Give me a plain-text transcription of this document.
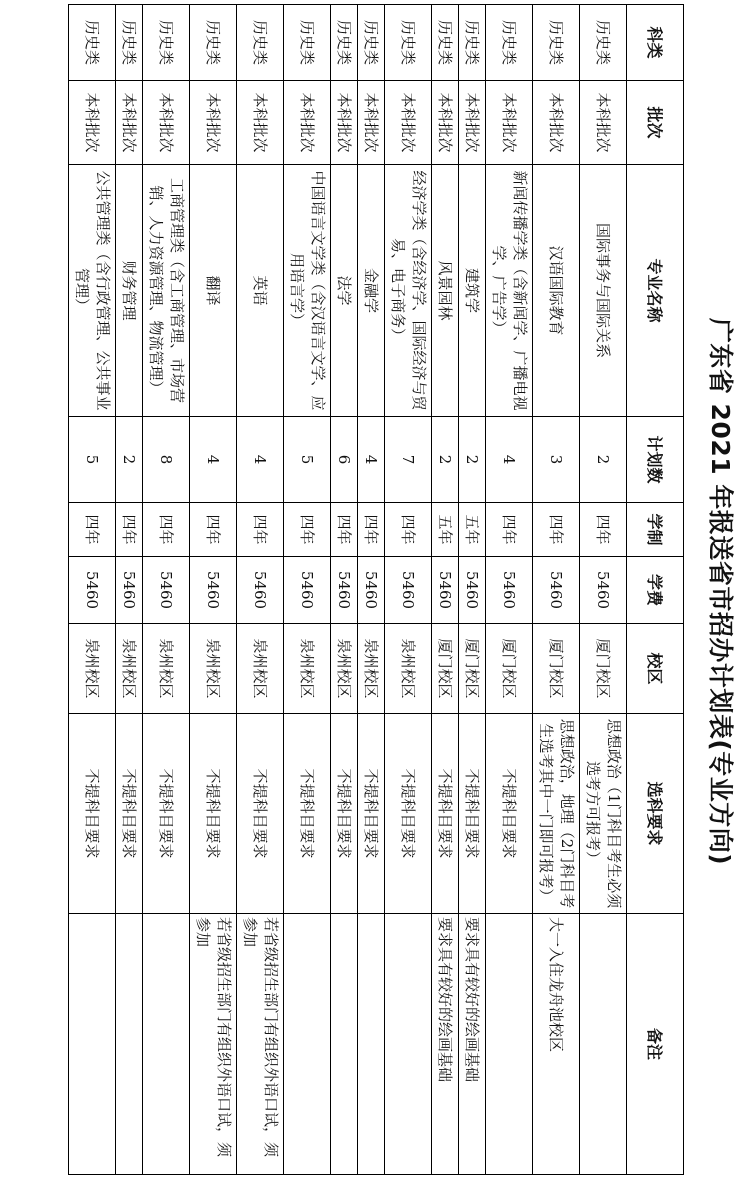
广东省 2021 年报送省市招办计划表(专业方向)
科类	批次	专业名称	计划数	学制	学费	校区	选科要求	备注
历史类	本科批次	国际事务与国际关系	2	四年	5460	厦门校区	思想政治（1门科目考生必须选考方可报考）	
历史类	本科批次	汉语国际教育	3	四年	5460	厦门校区	思想政治，地理（2门科目考生选考其中一门即可报考）	大一入住龙舟池校区
历史类	本科批次	新闻传播学类（含新闻学、广播电视学、广告学）	4	四年	5460	厦门校区	不提科目要求	
历史类	本科批次	建筑学	2	五年	5460	厦门校区	不提科目要求	要求具有较好的绘画基础
历史类	本科批次	风景园林	2	五年	5460	厦门校区	不提科目要求	要求具有较好的绘画基础
历史类	本科批次	经济学类（含经济学、国际经济与贸易、电子商务）	7	四年	5460	泉州校区	不提科目要求	
历史类	本科批次	金融学	4	四年	5460	泉州校区	不提科目要求	
历史类	本科批次	法学	6	四年	5460	泉州校区	不提科目要求	
历史类	本科批次	中国语言文学类（含汉语言文学、应用语言学）	5	四年	5460	泉州校区	不提科目要求	
历史类	本科批次	英语	4	四年	5460	泉州校区	不提科目要求	若省级招生部门有组织外语口试，须参加
历史类	本科批次	翻译	4	四年	5460	泉州校区	不提科目要求	若省级招生部门有组织外语口试，须参加
历史类	本科批次	工商管理类（含工商管理、市场营销、人力资源管理、物流管理）	8	四年	5460	泉州校区	不提科目要求	
历史类	本科批次	财务管理	2	四年	5460	泉州校区	不提科目要求	
历史类	本科批次	公共管理类（含行政管理、公共事业管理）	5	四年	5460	泉州校区	不提科目要求	
